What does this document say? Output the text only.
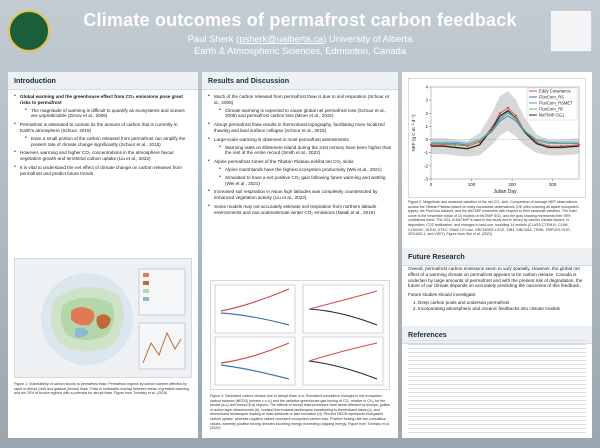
Climate outcomes of permafrost carbon feedback
Paul Sherk (psherk@ualberta.ca) University of Alberta
Earth & Atmospheric Sciences, Edmonton, Canada
Introduction
• Global warming and the greenhouse effect from CO₂ emissions pose great risks to permafrost
• The magnitude of warming is difficult to quantify as ecosystems and oceans are unpredictable (Zimov et al., 2006)
• Permafrost is estimated to contain 2x the amount of carbon that is currently in Earth's atmosphere (Schuur, 2019)
• Even a small portion of the carbon released from permafrost can amplify the present rate of climate change significantly (Schuur et al., 2015)
• However, warming and higher CO₂ concentrations in the atmosphere favour vegetation growth and terrestrial carbon uptake (Liu et al., 2022)
• It is vital to understand the net effect of climate change on carbon releases from permafrost and predict future trends
Figure 1: Vulnerability of carbon stocks to permafrost thaw. Permafrost regions by carbon content affected by rapid or abrupt (red) and gradual (brown) thaw. Thaw is noticeable overlap between areas of greatest warming and the 20% of tundra regions with a potential for abrupt thaw. Figure from Turetsky et al. (2019)
Results and Discussion
• Much of the carbon released from permafrost thaw is due to soil respiration (Schuur et al., 2008)
• Climate warming is expected to cause global net permafrost loss (Schuur et al., 2008) and permafrost carbon loss (Miner et al., 2022)
• Abrupt permafrost thaw results in thermokarst topography, facilitating more localized thawing and land surface collapse (Schuur et al., 2015)
• Large-scale warming is observed in most permafrost assessments
• Warming rates on Ellesmere Island during the 21st century have been higher than the rest of the entire record (Smith et al., 2022)
• Alpine permafrost zones of the Tibetan Plateau exhibit net CO₂ sinks
• Alpine marshlands have the highest ecosystem productivity (Wei et al., 2021)
• Simulated to have a net positive CO₂ gain following future warming and wetting (Wei et al., 2021)
• Increased soil respiration in Asian high latitudes was completely counteracted by enhanced vegetation activity (Liu et al., 2022)
• Some models may not accurately estimate soil respiration from northern latitude environments and can underestimate winter CO₂ emissions (Natali et al., 2019)
Figure 3: Simulated carbon release due to abrupt thaw. a-d, Simulated cumulative changes in net ecosystem carbon balance (NECB) (means ± s.d.) and the radiative greenhouse gas forcing of CO₂ relative to CH₄ for the tundra (a-c) and boreal (b-d) regions. The effects of abrupt thaw processes from areas affected by slumps, gullies or active layer detachments (b), lowland thermokarst landscapes transitioning to thermokarst lakes (c), and thermokarst landscapes leading to thaw wetlands or lake formation (d). Percent NECB represents ecosystem carbon uptake, whereas negative values represent ecosystem carbon loss. Positive forcing rate are cumulative values, whereby positive forcing denotes incoming energy exceeding outgoing energy. Figure from Turetsky et al. (2020)
0	100	200	300
-3
-2
-1
0
1
2
3
4
Julian Day
NEP (g C m⁻² d⁻¹)
Eddy Covariance
FluxCom_RS
FluxCom_RSMET
FluxCom_RF
MsTMIP-SG1
Figure 2: Magnitude and seasonal variation of the net CO₂ sink. Comparison of average NEP observations across the Tibetan Plateau based on eddy covariance observations (OE sites covering all alpine ecosystem types), the FluxCom dataset, and the MsTMIP ensemble with respect to their seasonal variation. The solid curve is the ensemble mean of 10 models of MsTMIP SG1, and the gray shading represents their 95% confidence band. The SG1 of MsTMIP is used in this study and is driven by various climate factors, N deposition, CO2 fertilization, and changes in land-use, including 14 models (CLASS-CTEM-N, CLM4, CLM4VIC, DLEM, GTEC, ISAM, LPJ-wsl, ORCHIDEE-LSCE, SIB3, SIBCASA, TEM6, TRIPLEX-GHG, VEGAS2.1, and VISIT). Figure from Wei et al. (2021)
Future Research

Overall, permafrost carbon emissions seem to vary spatially. However, the global net effect of a warming climate on permafrost appears to be carbon release. Canada is underlain by large amounts of permafrost and with the present risk of degradation, the future of our climate depends on accurately predicting the outcomes of this feedback.

Future studies should investigate:

1. Deep carbon pools and undersea permafrost
2. Incorporating atmospheric and oceanic feedbacks into climate models
References
